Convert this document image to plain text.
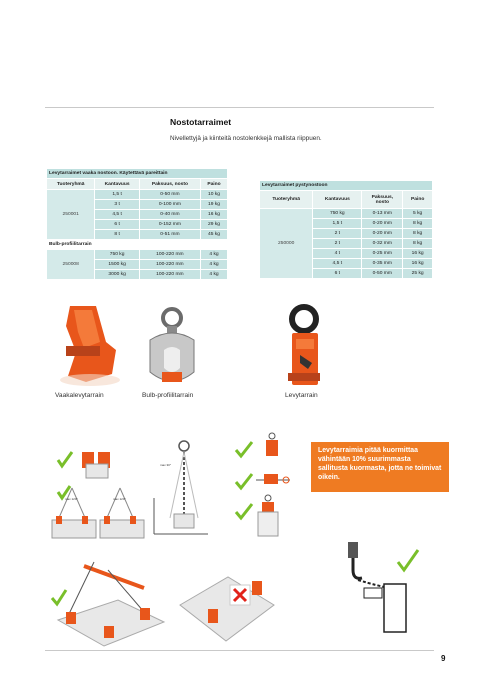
Nostotarraimet
Nivellettyjä ja kiinteitä nostolenkkejä mallista riippuen.
Levytarraimet vaaka nostoon. Käytettävä pareittain			
Tuoteryhmä	Kantavuus	Paksuus, nosto	Paino
250001	1,5 t	0-50 mm	10 kg
	3 t	0-100 mm	19 kg
	4,5 t	0-40 mm	16 kg
	6 t	0-152 mm	29 kg
	8 t	0-51 mm	45 kg
Bulb-profiilitarrain			
250008	750 kg	100-220 mm	4 kg
	1500 kg	100-220 mm	4 kg
	3000 kg	100-220 mm	4 kg
Levytarraimet pystynostoon			
Tuoteryhmä	Kantavuus	Paksuus, nosto	Paino
250000	750 kg	0-13 mm	5 kg
	1,5 t	0-20 mm	8 kg
	2 t	0-20 mm	8 kg
	2 t	0-32 mm	8 kg
	4 t	0-25 mm	16 kg
	4,5 t	0-35 mm	16 kg
	6 t	0-50 mm	25 kg
Vaakalevytarrain	Bulb-profiilitarrain	Levytarrain
max 120°	max 120°
max 30°
Levytarraimia pitää kuormittaa vähintään 10% suurimmasta sallitusta kuormasta, jotta ne toimivat oikein.
9
